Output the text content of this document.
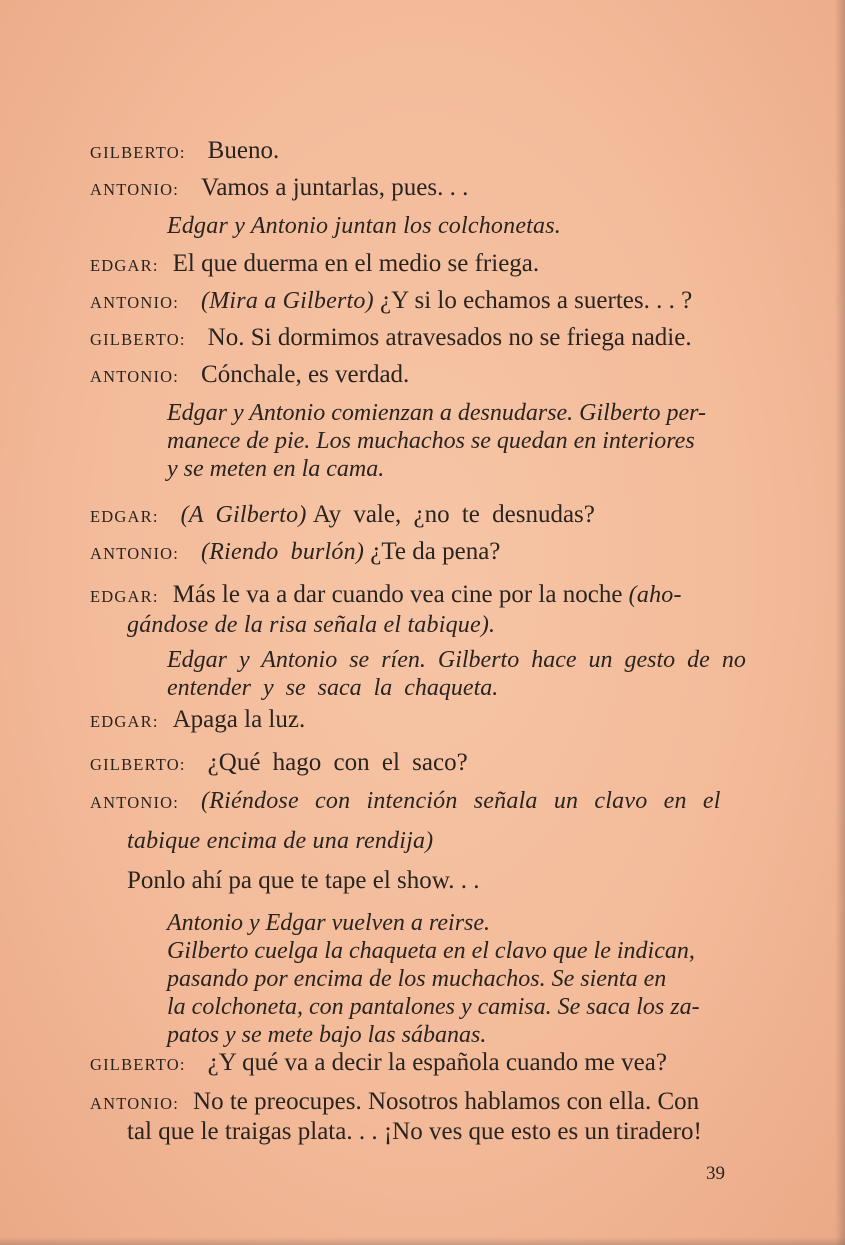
GILBERTO: Bueno.
ANTONIO: Vamos a juntarlas, pues. . .
Edgar y Antonio juntan los colchonetas.
EDGAR: El que duerma en el medio se friega.
ANTONIO: (Mira a Gilberto) ¿Y si lo echamos a suertes. . . ?
GILBERTO: No. Si dormimos atravesados no se friega nadie.
ANTONIO: Cónchale, es verdad.
Edgar y Antonio comienzan a desnudarse. Gilberto per-
manece de pie. Los muchachos se quedan en interiores
y se meten en la cama.
EDGAR: (A Gilberto) Ay vale, ¿no te desnudas?
ANTONIO: (Riendo burlón) ¿Te da pena?
EDGAR: Más le va a dar cuando vea cine por la noche (aho-
gándose de la risa señala el tabique).
Edgar y Antonio se ríen. Gilberto hace un gesto de no
entender y se saca la chaqueta.
EDGAR: Apaga la luz.
GILBERTO: ¿Qué hago con el saco?
ANTONIO: (Riéndose con intención señala un clavo en el
tabique encima de una rendija)
Ponlo ahí pa que te tape el show. . .
Antonio y Edgar vuelven a reirse.
Gilberto cuelga la chaqueta en el clavo que le indican,
pasando por encima de los muchachos. Se sienta en
la colchoneta, con pantalones y camisa. Se saca los za-
patos y se mete bajo las sábanas.
GILBERTO: ¿Y qué va a decir la española cuando me vea?
ANTONIO: No te preocupes. Nosotros hablamos con ella. Con
tal que le traigas plata. . . ¡No ves que esto es un tiradero!
39
